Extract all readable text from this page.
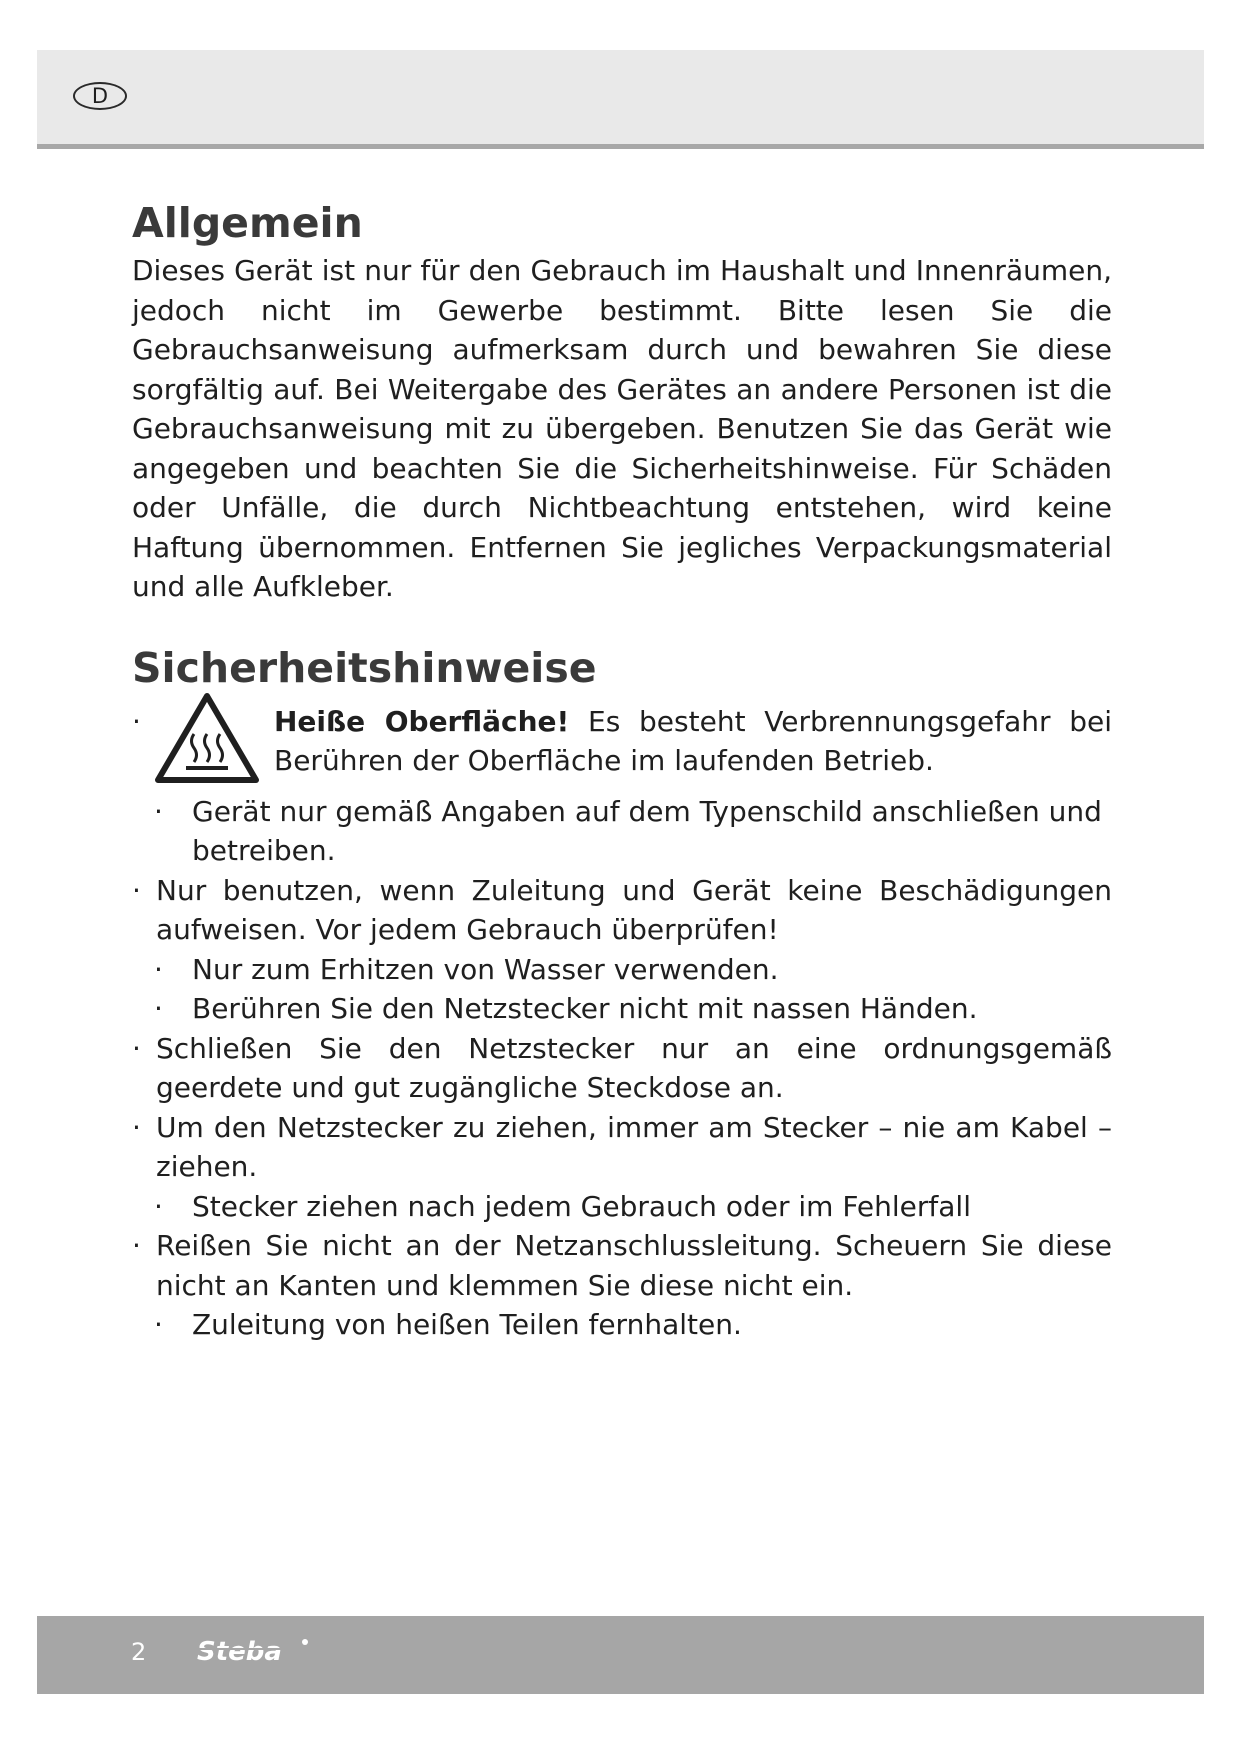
D
Allgemein

Dieses Gerät ist nur für den Gebrauch im Haushalt und Innenräumen, jedoch nicht im Gewerbe bestimmt. Bitte lesen Sie die Gebrauchsanweisung aufmerksam durch und bewahren Sie diese sorgfältig auf. Bei Weitergabe des Gerätes an andere Personen ist die Gebrauchsanweisung mit zu übergeben. Benutzen Sie das Gerät wie angegeben und beachten Sie die Sicherheitshinweise. Für Schäden oder Unfälle, die durch Nichtbeachtung entstehen, wird keine Haftung übernommen. Entfernen Sie jegliches Verpackungsmaterial und alle Aufkleber.

Sicherheitshinweise
·	Heiße Oberfläche! Es besteht Verbrennungsgefahr bei Berühren der Oberfläche im laufenden Betrieb.
· Gerät nur gemäß Angaben auf dem Typenschild anschließen und betreiben.
· Nur benutzen, wenn Zuleitung und Gerät keine Beschädigungen aufweisen. Vor jedem Gebrauch überprüfen!
· Nur zum Erhitzen von Wasser verwenden.
· Berühren Sie den Netzstecker nicht mit nassen Händen.
· Schließen Sie den Netzstecker nur an eine ordnungsgemäß geerdete und gut zugängliche Steckdose an.
· Um den Netzstecker zu ziehen, immer am Stecker – nie am Kabel – ziehen.
· Stecker ziehen nach jedem Gebrauch oder im Fehlerfall
· Reißen Sie nicht an der Netzanschlussleitung. Scheuern Sie diese nicht an Kanten und klemmen Sie diese nicht ein.
· Zuleitung von heißen Teilen fernhalten.
2 Steba
